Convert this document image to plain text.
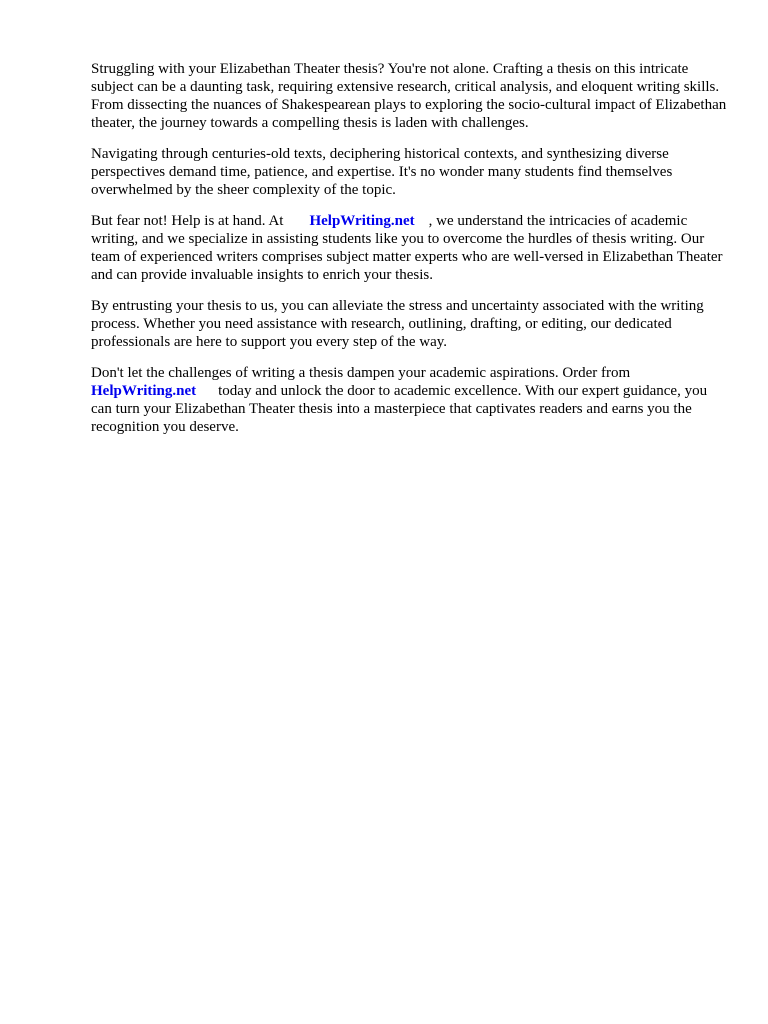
Struggling with your Elizabethan Theater thesis? You're not alone. Crafting a thesis on this intricate subject can be a daunting task, requiring extensive research, critical analysis, and eloquent writing skills. From dissecting the nuances of Shakespearean plays to exploring the socio-cultural impact of Elizabethan theater, the journey towards a compelling thesis is laden with challenges.

Navigating through centuries-old texts, deciphering historical contexts, and synthesizing diverse perspectives demand time, patience, and expertise. It's no wonder many students find themselves overwhelmed by the sheer complexity of the topic.

But fear not! Help is at hand. At HelpWriting.net , we understand the intricacies of academic writing, and we specialize in assisting students like you to overcome the hurdles of thesis writing. Our team of experienced writers comprises subject matter experts who are well-versed in Elizabethan Theater and can provide invaluable insights to enrich your thesis.

By entrusting your thesis to us, you can alleviate the stress and uncertainty associated with the writing process. Whether you need assistance with research, outlining, drafting, or editing, our dedicated professionals are here to support you every step of the way.

Don't let the challenges of writing a thesis dampen your academic aspirations. Order from HelpWriting.net today and unlock the door to academic excellence. With our expert guidance, you can turn your Elizabethan Theater thesis into a masterpiece that captivates readers and earns you the recognition you deserve.
